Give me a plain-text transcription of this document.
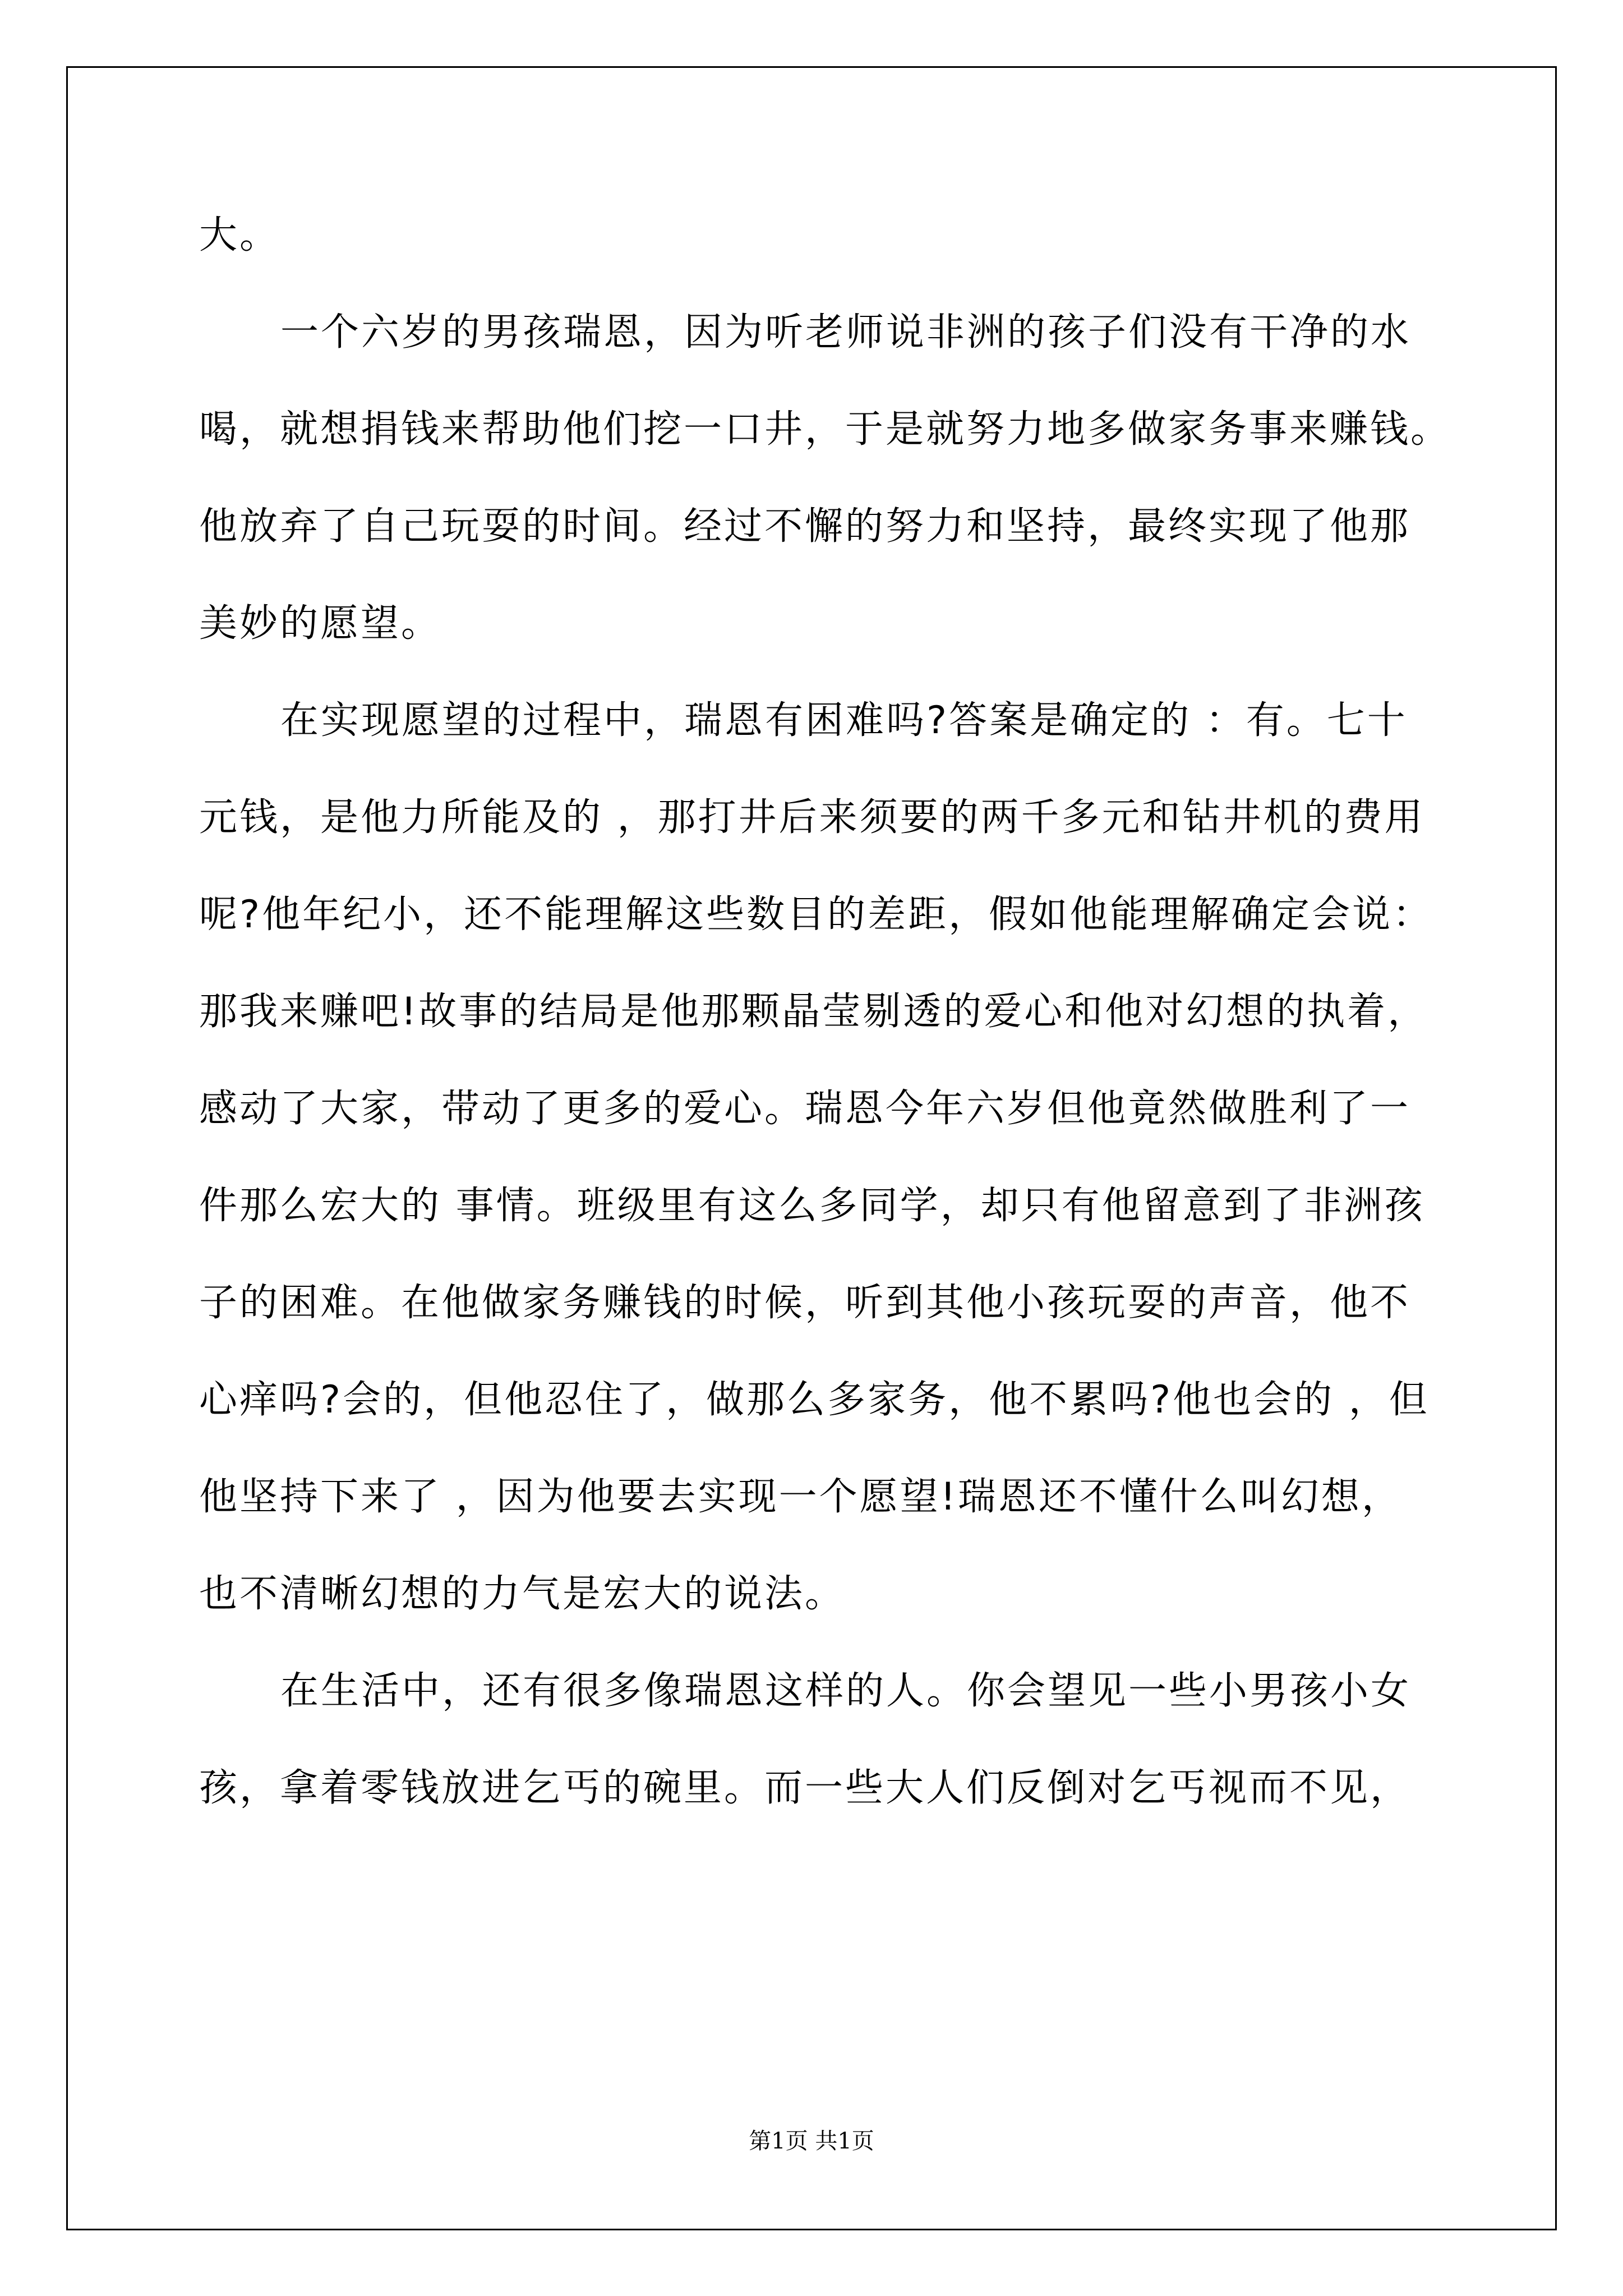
大。
一个六岁的男孩瑞恩，因为听老师说非洲的孩子们没有干净的水
喝，就想捐钱来帮助他们挖一口井，于是就努力地多做家务事来赚钱。
他放弃了自己玩耍的时间。经过不懈的努力和坚持，最终实现了他那
美妙的愿望。
在实现愿望的过程中，瑞恩有困难吗?答案是确定的 ：有。七十
元钱，是他力所能及的 ，那打井后来须要的两千多元和钻井机的费用
呢?他年纪小，还不能理解这些数目的差距，假如他能理解确定会说：
那我来赚吧!故事的结局是他那颗晶莹剔透的爱心和他对幻想的执着，
感动了大家，带动了更多的爱心。瑞恩今年六岁但他竟然做胜利了一
件那么宏大的 事情。班级里有这么多同学，却只有他留意到了非洲孩
子的困难。在他做家务赚钱的时候，听到其他小孩玩耍的声音，他不
心痒吗?会的，但他忍住了，做那么多家务，他不累吗?他也会的 ，但
他坚持下来了 ，因为他要去实现一个愿望!瑞恩还不懂什么叫幻想，
也不清晰幻想的力气是宏大的说法。
在生活中，还有很多像瑞恩这样的人。你会望见一些小男孩小女
孩，拿着零钱放进乞丐的碗里。而一些大人们反倒对乞丐视而不见，
第1页 共1页
